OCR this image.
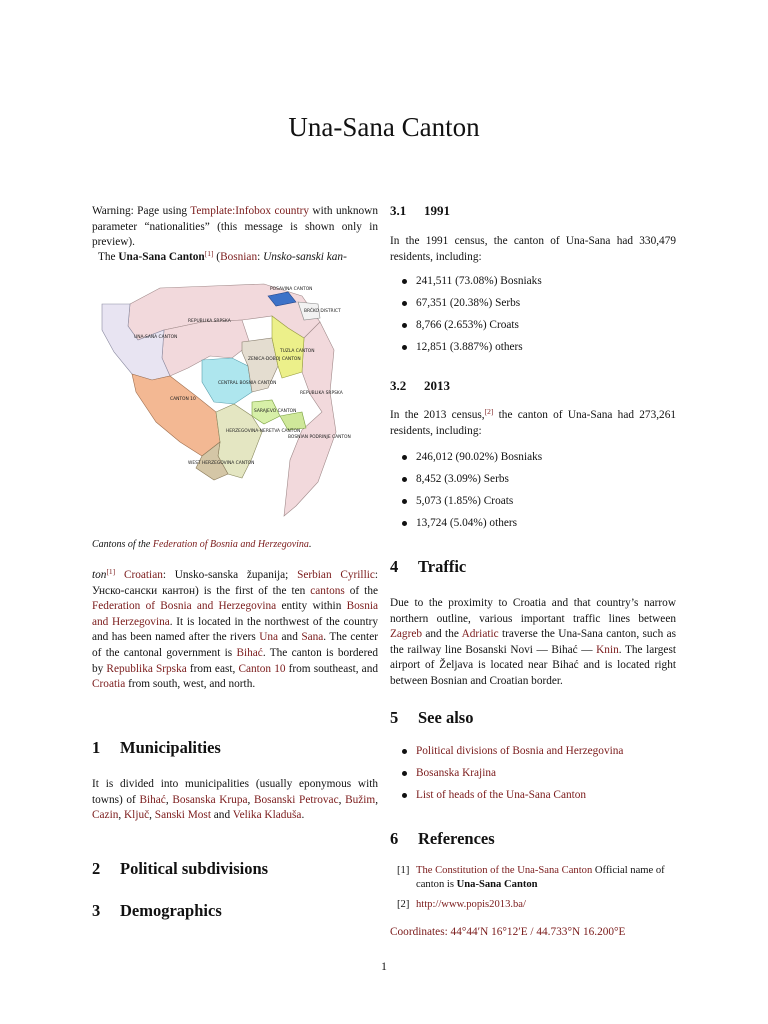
Una-Sana Canton
Warning: Page using Template:Infobox country with unknown parameter “nationalities” (this message is shown only in preview).
The Una-Sana Canton[1] (Bosnian: Unsko-sanski kan-
REPUBLIKA SRPSKA
UNA-SANA CANTON
CANTON 10
CENTRAL BOSNIA CANTON
ZENICA-DOBOJ CANTON
TUZLA CANTON
POSAVINA CANTON
BRČKO DISTRICT
REPUBLIKA SRPSKA
SARAJEVO CANTON
HERZEGOVINA-NERETVA CANTON
BOSNIAN PODRINJE CANTON
WEST HERZEGOVINA CANTON
Cantons of the Federation of Bosnia and Herzegovina.
ton[1] Croatian: Unsko-sanska županija; Serbian Cyrillic: Унско-сански кантон) is the first of the ten cantons of the Federation of Bosnia and Herzegovina entity within Bosnia and Herzegovina. It is located in the northwest of the country and has been named after the rivers Una and Sana. The center of the cantonal government is Bihać. The canton is bordered by Republika Srpska from east, Canton 10 from southeast, and Croatia from south, west, and north.
1 Municipalities
It is divided into municipalities (usually eponymous with towns) of Bihać, Bosanska Krupa, Bosanski Petrovac, Bužim, Cazin, Ključ, Sanski Most and Velika Kladuša.
2 Political subdivisions
3 Demographics
3.1 1991
In the 1991 census, the canton of Una-Sana had 330,479 residents, including:
241,511 (73.08%) Bosniaks
67,351 (20.38%) Serbs
8,766 (2.653%) Croats
12,851 (3.887%) others
3.2 2013
In the 2013 census,[2] the canton of Una-Sana had 273,261 residents, including:
246,012 (90.02%) Bosniaks
8,452 (3.09%) Serbs
5,073 (1.85%) Croats
13,724 (5.04%) others
4 Traffic
Due to the proximity to Croatia and that country’s narrow northern outline, various important traffic lines between Zagreb and the Adriatic traverse the Una-Sana canton, such as the railway line Bosanski Novi — Bihać — Knin. The largest airport of Željava is located near Bihać and is located right between Bosnian and Croatian border.
5 See also
Political divisions of Bosnia and Herzegovina
Bosanska Krajina
List of heads of the Una-Sana Canton
6 References
[1] The Constitution of the Una-Sana Canton Official name of canton is Una-Sana Canton
[2] http://www.popis2013.ba/
Coordinates: 44°44′N 16°12′E / 44.733°N 16.200°E
1
